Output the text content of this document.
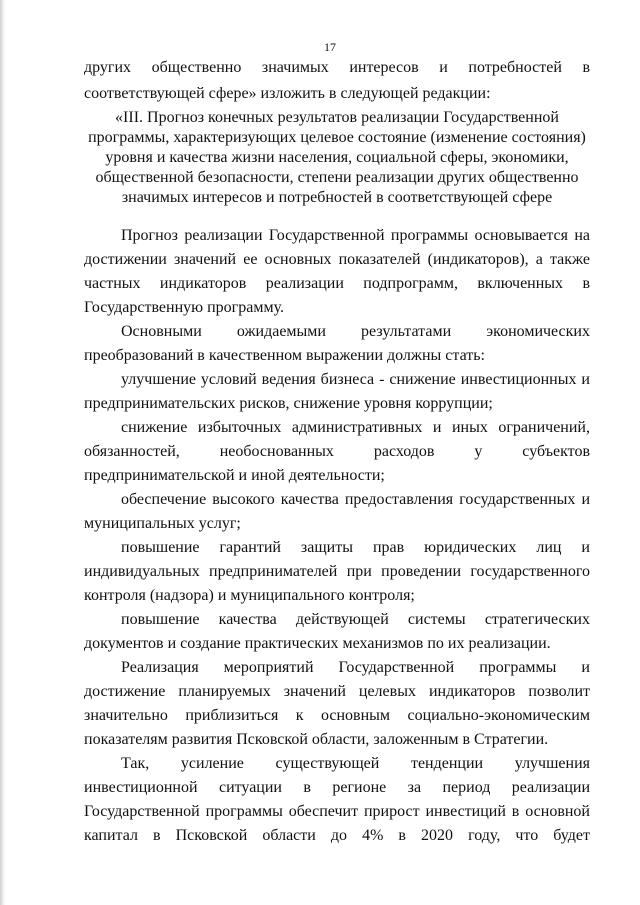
17
других общественно значимых интересов и потребностей в
соответствующей сфере» изложить в следующей редакции:
«III. Прогноз конечных результатов реализации Государственной
программы, характеризующих целевое состояние (изменение состояния)
уровня и качества жизни населения, социальной сферы, экономики,
общественной безопасности, степени реализации других общественно
значимых интересов и потребностей в соответствующей сфере
Прогноз реализации Государственной программы основывается на
достижении значений ее основных показателей (индикаторов), а также
частных индикаторов реализации подпрограмм, включенных в
Государственную программу.
Основными ожидаемыми результатами экономических
преобразований в качественном выражении должны стать:
улучшение условий ведения бизнеса - снижение инвестиционных и
предпринимательских рисков, снижение уровня коррупции;
снижение избыточных административных и иных ограничений,
обязанностей, необоснованных расходов у субъектов
предпринимательской и иной деятельности;
обеспечение высокого качества предоставления государственных и
муниципальных услуг;
повышение гарантий защиты прав юридических лиц и
индивидуальных предпринимателей при проведении государственного
контроля (надзора) и муниципального контроля;
повышение качества действующей системы стратегических
документов и создание практических механизмов по их реализации.
Реализация мероприятий Государственной программы и
достижение планируемых значений целевых индикаторов позволит
значительно приблизиться к основным социально-экономическим
показателям развития Псковской области, заложенным в Стратегии.
Так, усиление существующей тенденции улучшения
инвестиционной ситуации в регионе за период реализации
Государственной программы обеспечит прирост инвестиций в основной
капитал в Псковской области до 4% в 2020 году, что будет
